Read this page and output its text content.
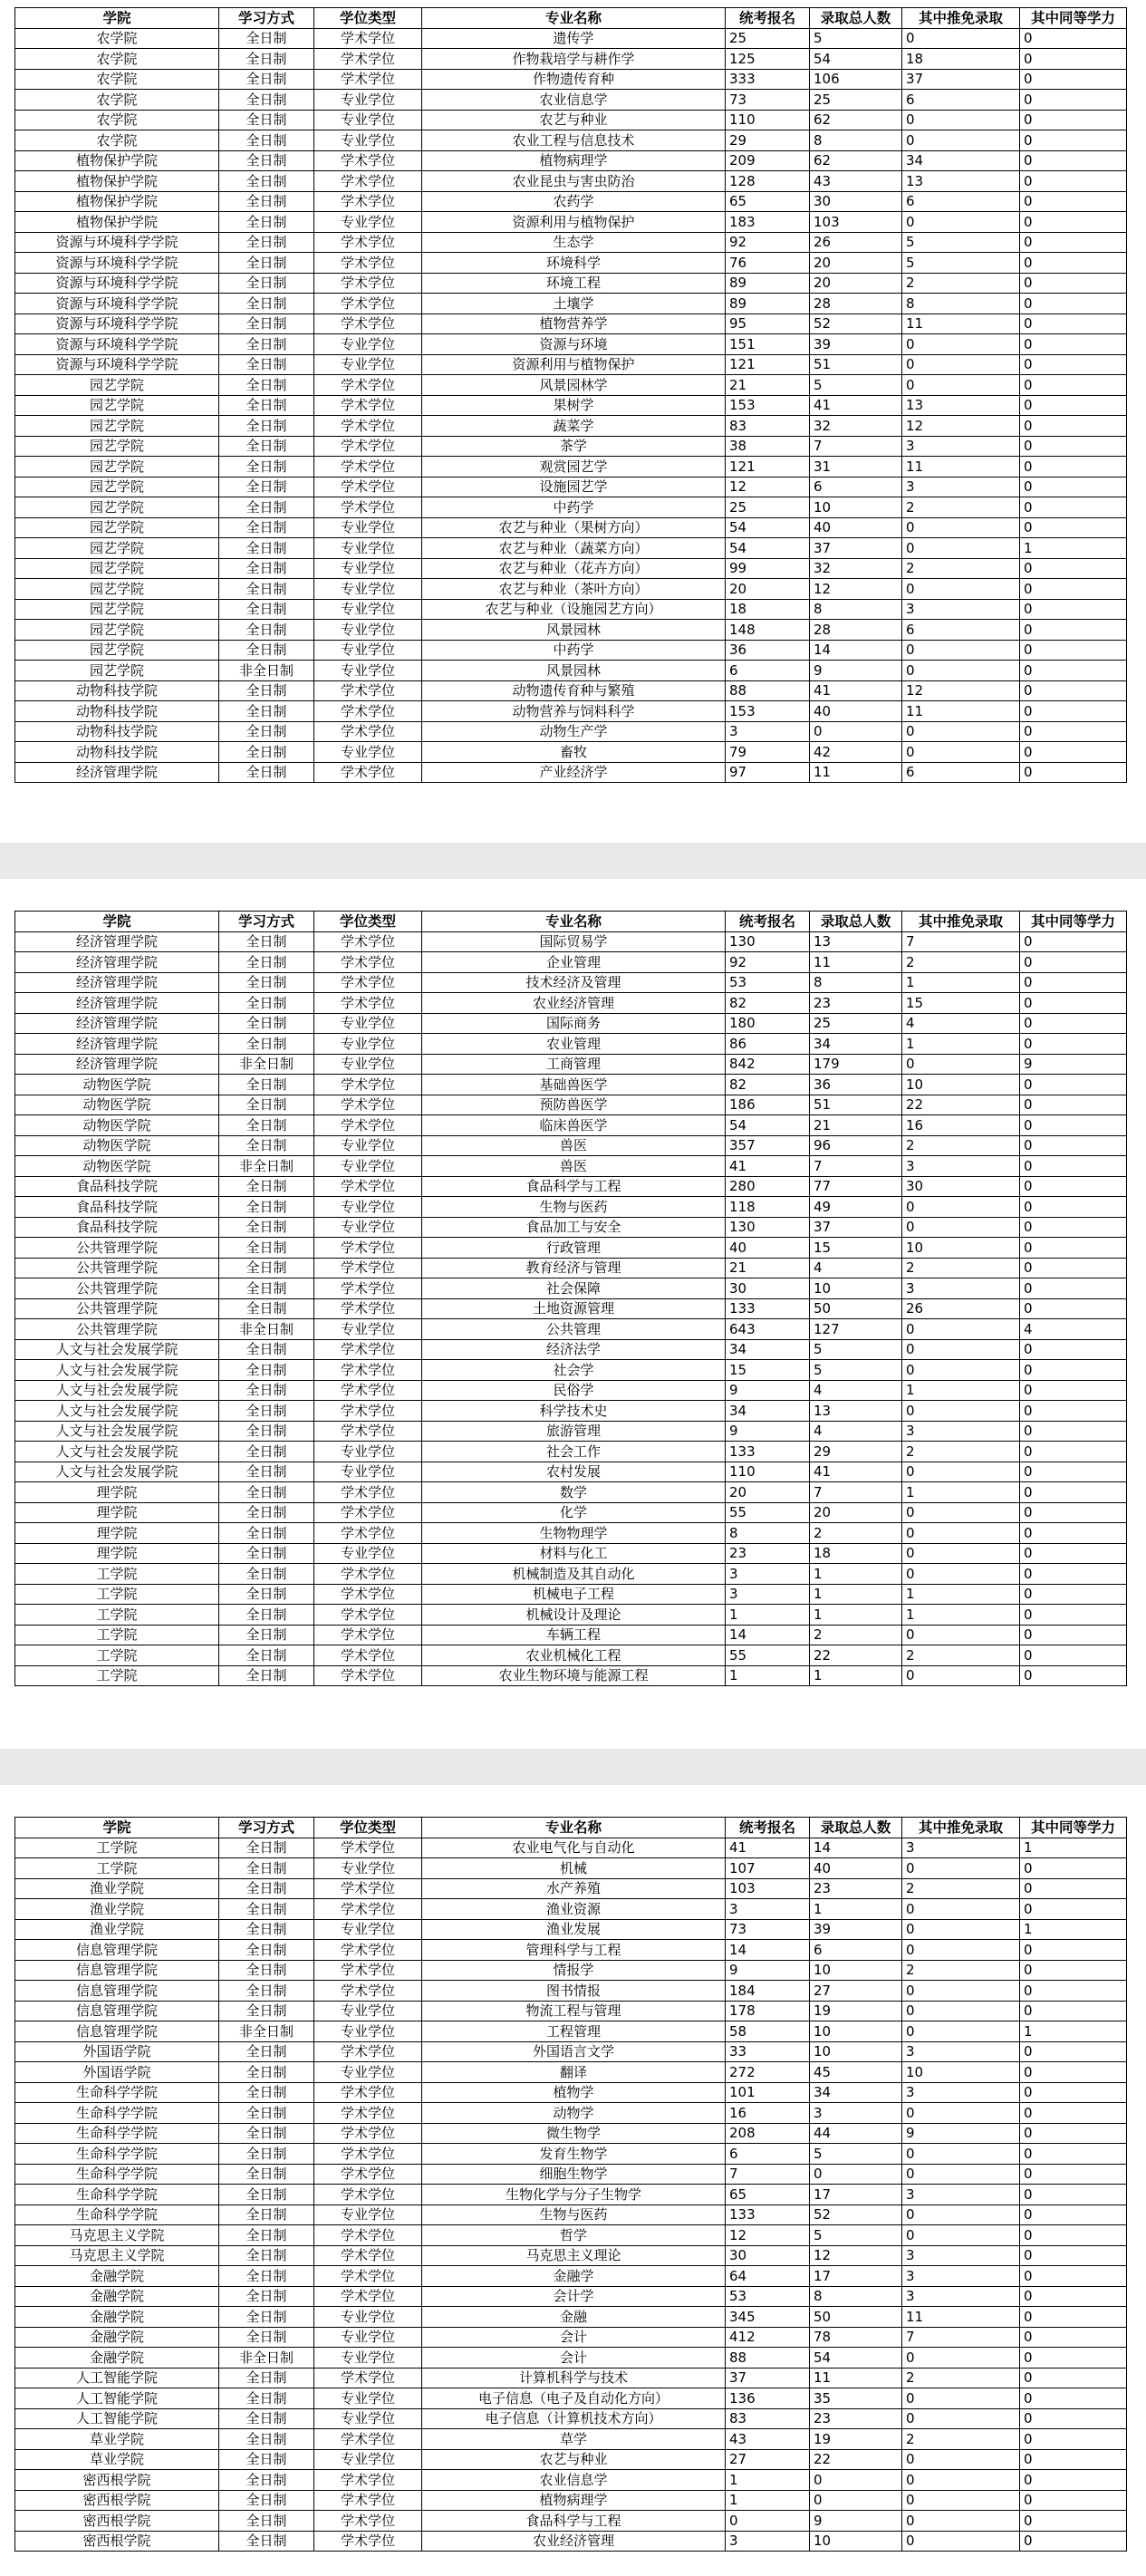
学院	学习方式	学位类型	专业名称	统考报名	录取总人数	其中推免录取	其中同等学力
农学院	全日制	学术学位	遗传学	25	5	0	0
农学院	全日制	学术学位	作物栽培学与耕作学	125	54	18	0
农学院	全日制	学术学位	作物遗传育种	333	106	37	0
农学院	全日制	专业学位	农业信息学	73	25	6	0
农学院	全日制	专业学位	农艺与种业	110	62	0	0
农学院	全日制	专业学位	农业工程与信息技术	29	8	0	0
植物保护学院	全日制	学术学位	植物病理学	209	62	34	0
植物保护学院	全日制	学术学位	农业昆虫与害虫防治	128	43	13	0
植物保护学院	全日制	学术学位	农药学	65	30	6	0
植物保护学院	全日制	专业学位	资源利用与植物保护	183	103	0	0
资源与环境科学学院	全日制	学术学位	生态学	92	26	5	0
资源与环境科学学院	全日制	学术学位	环境科学	76	20	5	0
资源与环境科学学院	全日制	学术学位	环境工程	89	20	2	0
资源与环境科学学院	全日制	学术学位	土壤学	89	28	8	0
资源与环境科学学院	全日制	学术学位	植物营养学	95	52	11	0
资源与环境科学学院	全日制	专业学位	资源与环境	151	39	0	0
资源与环境科学学院	全日制	专业学位	资源利用与植物保护	121	51	0	0
园艺学院	全日制	学术学位	风景园林学	21	5	0	0
园艺学院	全日制	学术学位	果树学	153	41	13	0
园艺学院	全日制	学术学位	蔬菜学	83	32	12	0
园艺学院	全日制	学术学位	茶学	38	7	3	0
园艺学院	全日制	学术学位	观赏园艺学	121	31	11	0
园艺学院	全日制	学术学位	设施园艺学	12	6	3	0
园艺学院	全日制	学术学位	中药学	25	10	2	0
园艺学院	全日制	专业学位	农艺与种业（果树方向）	54	40	0	0
园艺学院	全日制	专业学位	农艺与种业（蔬菜方向）	54	37	0	1
园艺学院	全日制	专业学位	农艺与种业（花卉方向）	99	32	2	0
园艺学院	全日制	专业学位	农艺与种业（茶叶方向）	20	12	0	0
园艺学院	全日制	专业学位	农艺与种业（设施园艺方向）	18	8	3	0
园艺学院	全日制	专业学位	风景园林	148	28	6	0
园艺学院	全日制	专业学位	中药学	36	14	0	0
园艺学院	非全日制	专业学位	风景园林	6	9	0	0
动物科技学院	全日制	学术学位	动物遗传育种与繁殖	88	41	12	0
动物科技学院	全日制	学术学位	动物营养与饲料科学	153	40	11	0
动物科技学院	全日制	学术学位	动物生产学	3	0	0	0
动物科技学院	全日制	专业学位	畜牧	79	42	0	0
经济管理学院	全日制	学术学位	产业经济学	97	11	6	0
学院	学习方式	学位类型	专业名称	统考报名	录取总人数	其中推免录取	其中同等学力
经济管理学院	全日制	学术学位	国际贸易学	130	13	7	0
经济管理学院	全日制	学术学位	企业管理	92	11	2	0
经济管理学院	全日制	学术学位	技术经济及管理	53	8	1	0
经济管理学院	全日制	学术学位	农业经济管理	82	23	15	0
经济管理学院	全日制	专业学位	国际商务	180	25	4	0
经济管理学院	全日制	专业学位	农业管理	86	34	1	0
经济管理学院	非全日制	专业学位	工商管理	842	179	0	9
动物医学院	全日制	学术学位	基础兽医学	82	36	10	0
动物医学院	全日制	学术学位	预防兽医学	186	51	22	0
动物医学院	全日制	学术学位	临床兽医学	54	21	16	0
动物医学院	全日制	专业学位	兽医	357	96	2	0
动物医学院	非全日制	专业学位	兽医	41	7	3	0
食品科技学院	全日制	学术学位	食品科学与工程	280	77	30	0
食品科技学院	全日制	专业学位	生物与医药	118	49	0	0
食品科技学院	全日制	专业学位	食品加工与安全	130	37	0	0
公共管理学院	全日制	学术学位	行政管理	40	15	10	0
公共管理学院	全日制	学术学位	教育经济与管理	21	4	2	0
公共管理学院	全日制	学术学位	社会保障	30	10	3	0
公共管理学院	全日制	学术学位	土地资源管理	133	50	26	0
公共管理学院	非全日制	专业学位	公共管理	643	127	0	4
人文与社会发展学院	全日制	学术学位	经济法学	34	5	0	0
人文与社会发展学院	全日制	学术学位	社会学	15	5	0	0
人文与社会发展学院	全日制	学术学位	民俗学	9	4	1	0
人文与社会发展学院	全日制	学术学位	科学技术史	34	13	0	0
人文与社会发展学院	全日制	学术学位	旅游管理	9	4	3	0
人文与社会发展学院	全日制	专业学位	社会工作	133	29	2	0
人文与社会发展学院	全日制	专业学位	农村发展	110	41	0	0
理学院	全日制	学术学位	数学	20	7	1	0
理学院	全日制	学术学位	化学	55	20	0	0
理学院	全日制	学术学位	生物物理学	8	2	0	0
理学院	全日制	专业学位	材料与化工	23	18	0	0
工学院	全日制	学术学位	机械制造及其自动化	3	1	0	0
工学院	全日制	学术学位	机械电子工程	3	1	1	0
工学院	全日制	学术学位	机械设计及理论	1	1	1	0
工学院	全日制	学术学位	车辆工程	14	2	0	0
工学院	全日制	学术学位	农业机械化工程	55	22	2	0
工学院	全日制	学术学位	农业生物环境与能源工程	1	1	0	0
学院	学习方式	学位类型	专业名称	统考报名	录取总人数	其中推免录取	其中同等学力
工学院	全日制	学术学位	农业电气化与自动化	41	14	3	1
工学院	全日制	专业学位	机械	107	40	0	0
渔业学院	全日制	学术学位	水产养殖	103	23	2	0
渔业学院	全日制	学术学位	渔业资源	3	1	0	0
渔业学院	全日制	专业学位	渔业发展	73	39	0	1
信息管理学院	全日制	学术学位	管理科学与工程	14	6	0	0
信息管理学院	全日制	学术学位	情报学	9	10	2	0
信息管理学院	全日制	学术学位	图书情报	184	27	0	0
信息管理学院	全日制	专业学位	物流工程与管理	178	19	0	0
信息管理学院	非全日制	专业学位	工程管理	58	10	0	1
外国语学院	全日制	学术学位	外国语言文学	33	10	3	0
外国语学院	全日制	专业学位	翻译	272	45	10	0
生命科学学院	全日制	学术学位	植物学	101	34	3	0
生命科学学院	全日制	学术学位	动物学	16	3	0	0
生命科学学院	全日制	学术学位	微生物学	208	44	9	0
生命科学学院	全日制	学术学位	发育生物学	6	5	0	0
生命科学学院	全日制	学术学位	细胞生物学	7	0	0	0
生命科学学院	全日制	学术学位	生物化学与分子生物学	65	17	3	0
生命科学学院	全日制	专业学位	生物与医药	133	52	0	0
马克思主义学院	全日制	学术学位	哲学	12	5	0	0
马克思主义学院	全日制	学术学位	马克思主义理论	30	12	3	0
金融学院	全日制	学术学位	金融学	64	17	3	0
金融学院	全日制	学术学位	会计学	53	8	3	0
金融学院	全日制	专业学位	金融	345	50	11	0
金融学院	全日制	专业学位	会计	412	78	7	0
金融学院	非全日制	专业学位	会计	88	54	0	0
人工智能学院	全日制	学术学位	计算机科学与技术	37	11	2	0
人工智能学院	全日制	专业学位	电子信息（电子及自动化方向）	136	35	0	0
人工智能学院	全日制	专业学位	电子信息（计算机技术方向）	83	23	0	0
草业学院	全日制	学术学位	草学	43	19	2	0
草业学院	全日制	专业学位	农艺与种业	27	22	0	0
密西根学院	全日制	学术学位	农业信息学	1	0	0	0
密西根学院	全日制	学术学位	植物病理学	1	0	0	0
密西根学院	全日制	学术学位	食品科学与工程	0	9	0	0
密西根学院	全日制	学术学位	农业经济管理	3	10	0	0
